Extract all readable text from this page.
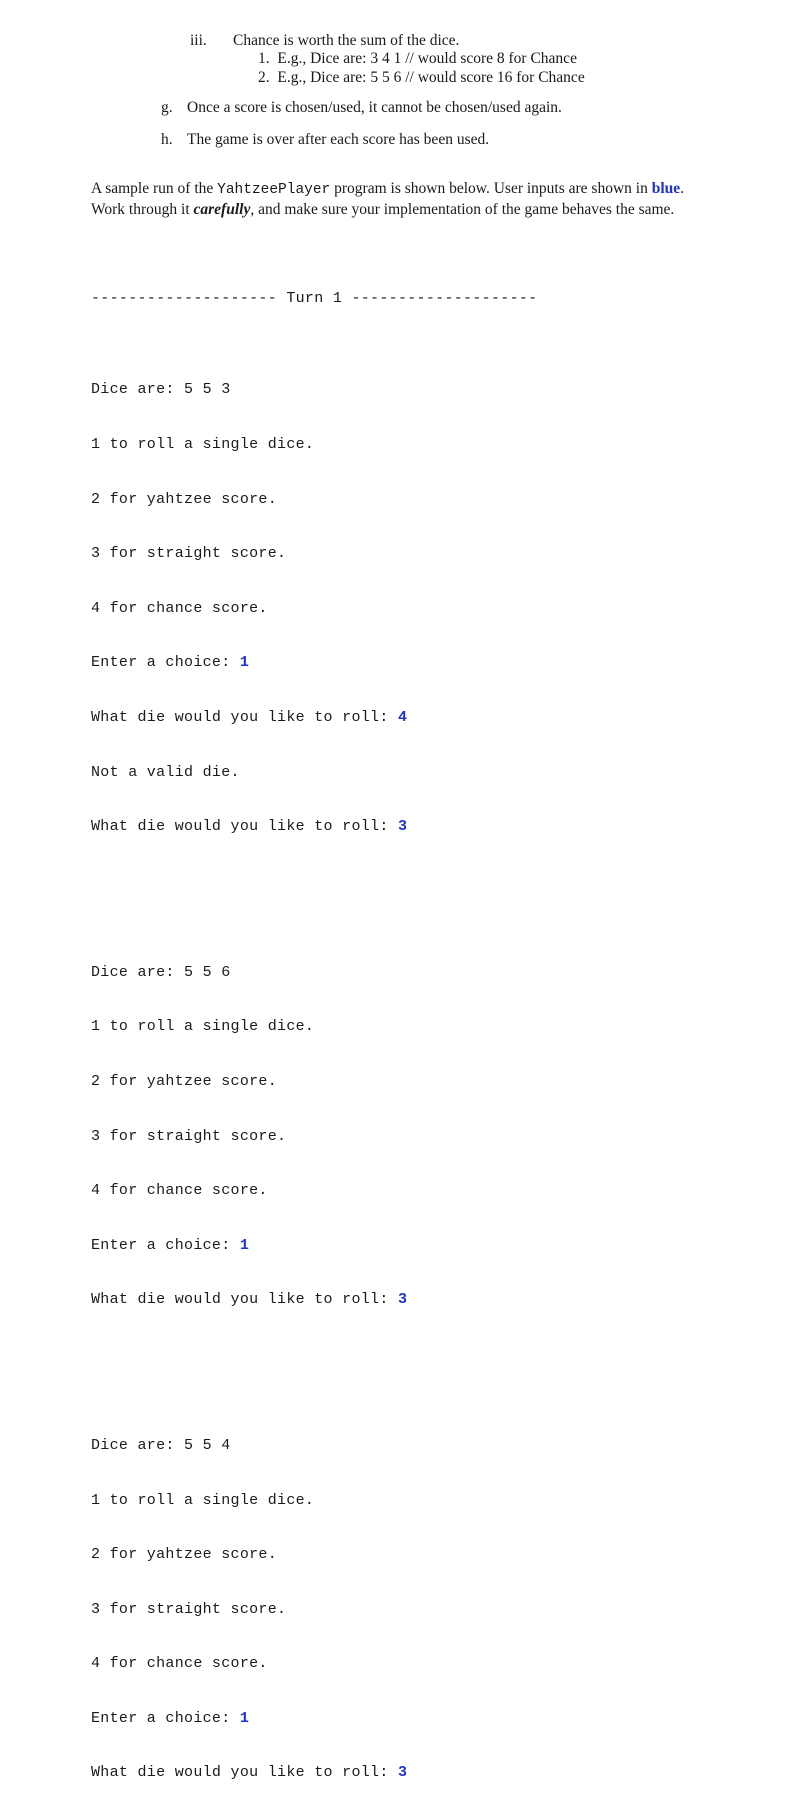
iii. Chance is worth the sum of the dice.
1. E.g., Dice are: 3 4 1 // would score 8 for Chance
2. E.g., Dice are: 5 5 6 // would score 16 for Chance
g. Once a score is chosen/used, it cannot be chosen/used again.
h. The game is over after each score has been used.
A sample run of the YahtzeePlayer program is shown below. User inputs are shown in blue.
Work through it carefully, and make sure your implementation of the game behaves the same.

-------------------- Turn 1 --------------------

Dice are: 5 5 3

1 to roll a single dice.

2 for yahtzee score.

3 for straight score.

4 for chance score.

Enter a choice: 1

What die would you like to roll: 4

Not a valid die.

What die would you like to roll: 3

Dice are: 5 5 6

1 to roll a single dice.

2 for yahtzee score.

3 for straight score.

4 for chance score.

Enter a choice: 1

What die would you like to roll: 3

Dice are: 5 5 4

1 to roll a single dice.

2 for yahtzee score.

3 for straight score.

4 for chance score.

Enter a choice: 1

What die would you like to roll: 3
